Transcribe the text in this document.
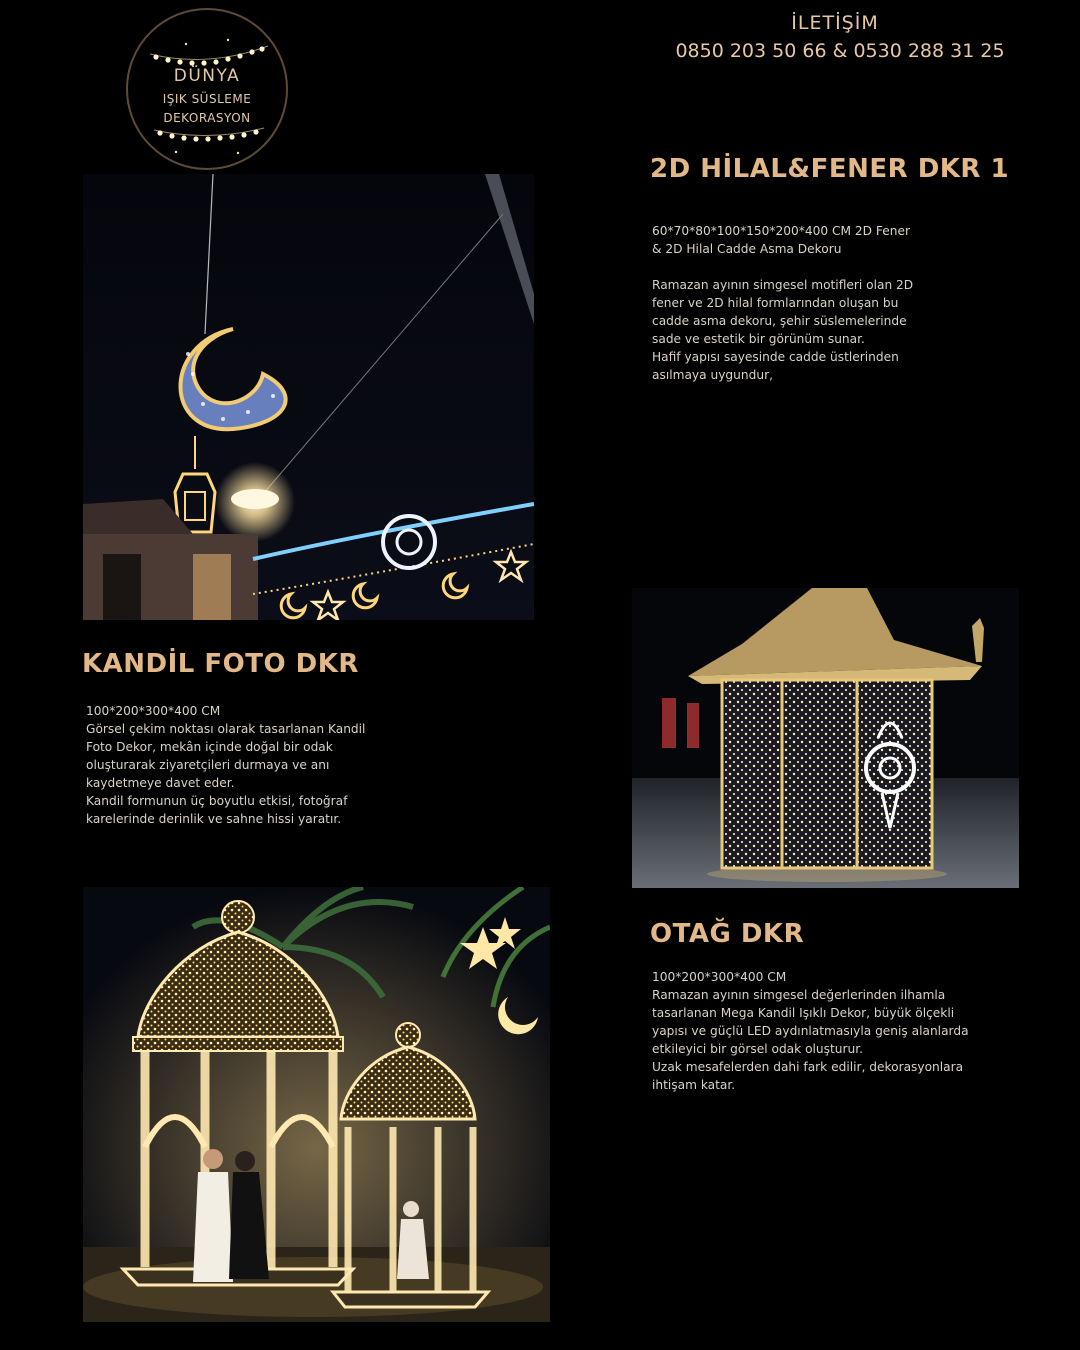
DÜNYA
IŞIK SÜSLEME
DEKORASYON
İLETİŞİM
0850 203 50 66 & 0530 288 31 25
2D HİLAL&FENER DKR 1

60*70*80*100*150*200*400 CM 2D Fener & 2D Hilal Cadde Asma Dekoru

Ramazan ayının simgesel motifleri olan 2D fener ve 2D hilal formlarından oluşan bu cadde asma dekoru, şehir süslemelerinde sade ve estetik bir görünüm sunar.

Hafif yapısı sayesinde cadde üstlerinden asılmaya uygundur,

KANDİL FOTO DKR

100*200*300*400 CM

Görsel çekim noktası olarak tasarlanan Kandil Foto Dekor, mekân içinde doğal bir odak oluşturarak ziyaretçileri durmaya ve anı kaydetmeye davet eder.

Kandil formunun üç boyutlu etkisi, fotoğraf karelerinde derinlik ve sahne hissi yaratır.

OTAĞ DKR

100*200*300*400 CM

Ramazan ayının simgesel değerlerinden ilhamla tasarlanan Mega Kandil Işıklı Dekor, büyük ölçekli yapısı ve güçlü LED aydınlatmasıyla geniş alanlarda etkileyici bir görsel odak oluşturur.

Uzak mesafelerden dahi fark edilir, dekorasyonlara ihtişam katar.
